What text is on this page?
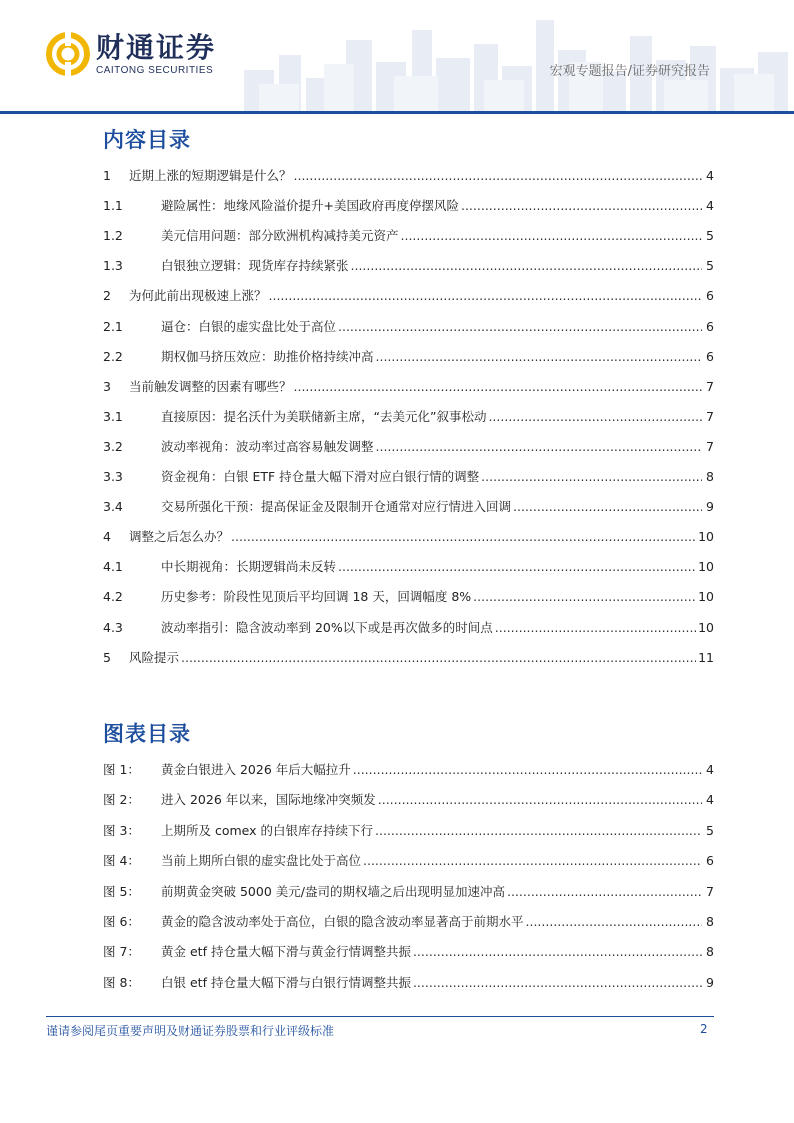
财通证券
CAITONG SECURITIES	宏观专题报告/证券研究报告
内容目录
1	近期上涨的短期逻辑是什么？ .....	4
1.1	避险属性：地缘风险溢价提升+美国政府再度停摆风险 .....	4
1.2	美元信用问题：部分欧洲机构减持美元资产 .....	5
1.3	白银独立逻辑：现货库存持续紧张 .....	5
2	为何此前出现极速上涨？ .....	6
2.1	逼仓：白银的虚实盘比处于高位 .....	6
2.2	期权伽马挤压效应：助推价格持续冲高 .....	6
3	当前触发调整的因素有哪些？ .....	7
3.1	直接原因：提名沃什为美联储新主席，“去美元化”叙事松动 .....	7
3.2	波动率视角：波动率过高容易触发调整 .....	7
3.3	资金视角：白银 ETF 持仓量大幅下滑对应白银行情的调整 .....	8
3.4	交易所强化干预：提高保证金及限制开仓通常对应行情进入回调 .....	9
4	调整之后怎么办？ .....	10
4.1	中长期视角：长期逻辑尚未反转 .....	10
4.2	历史参考：阶段性见顶后平均回调 18 天，回调幅度 8% .....	10
4.3	波动率指引：隐含波动率到 20%以下或是再次做多的时间点 .....	10
5	风险提示 .....	11
图表目录
图 1：	黄金白银进入 2026 年后大幅拉升 .....	4
图 2：	进入 2026 年以来，国际地缘冲突频发 .....	4
图 3：	上期所及 comex 的白银库存持续下行 .....	5
图 4：	当前上期所白银的虚实盘比处于高位 .....	6
图 5：	前期黄金突破 5000 美元/盎司的期权墙之后出现明显加速冲高 .....	7
图 6：	黄金的隐含波动率处于高位，白银的隐含波动率显著高于前期水平 .....	8
图 7：	黄金 etf 持仓量大幅下滑与黄金行情调整共振 .....	8
图 8：	白银 etf 持仓量大幅下滑与白银行情调整共振 .....	9
谨请参阅尾页重要声明及财通证券股票和行业评级标准	2
